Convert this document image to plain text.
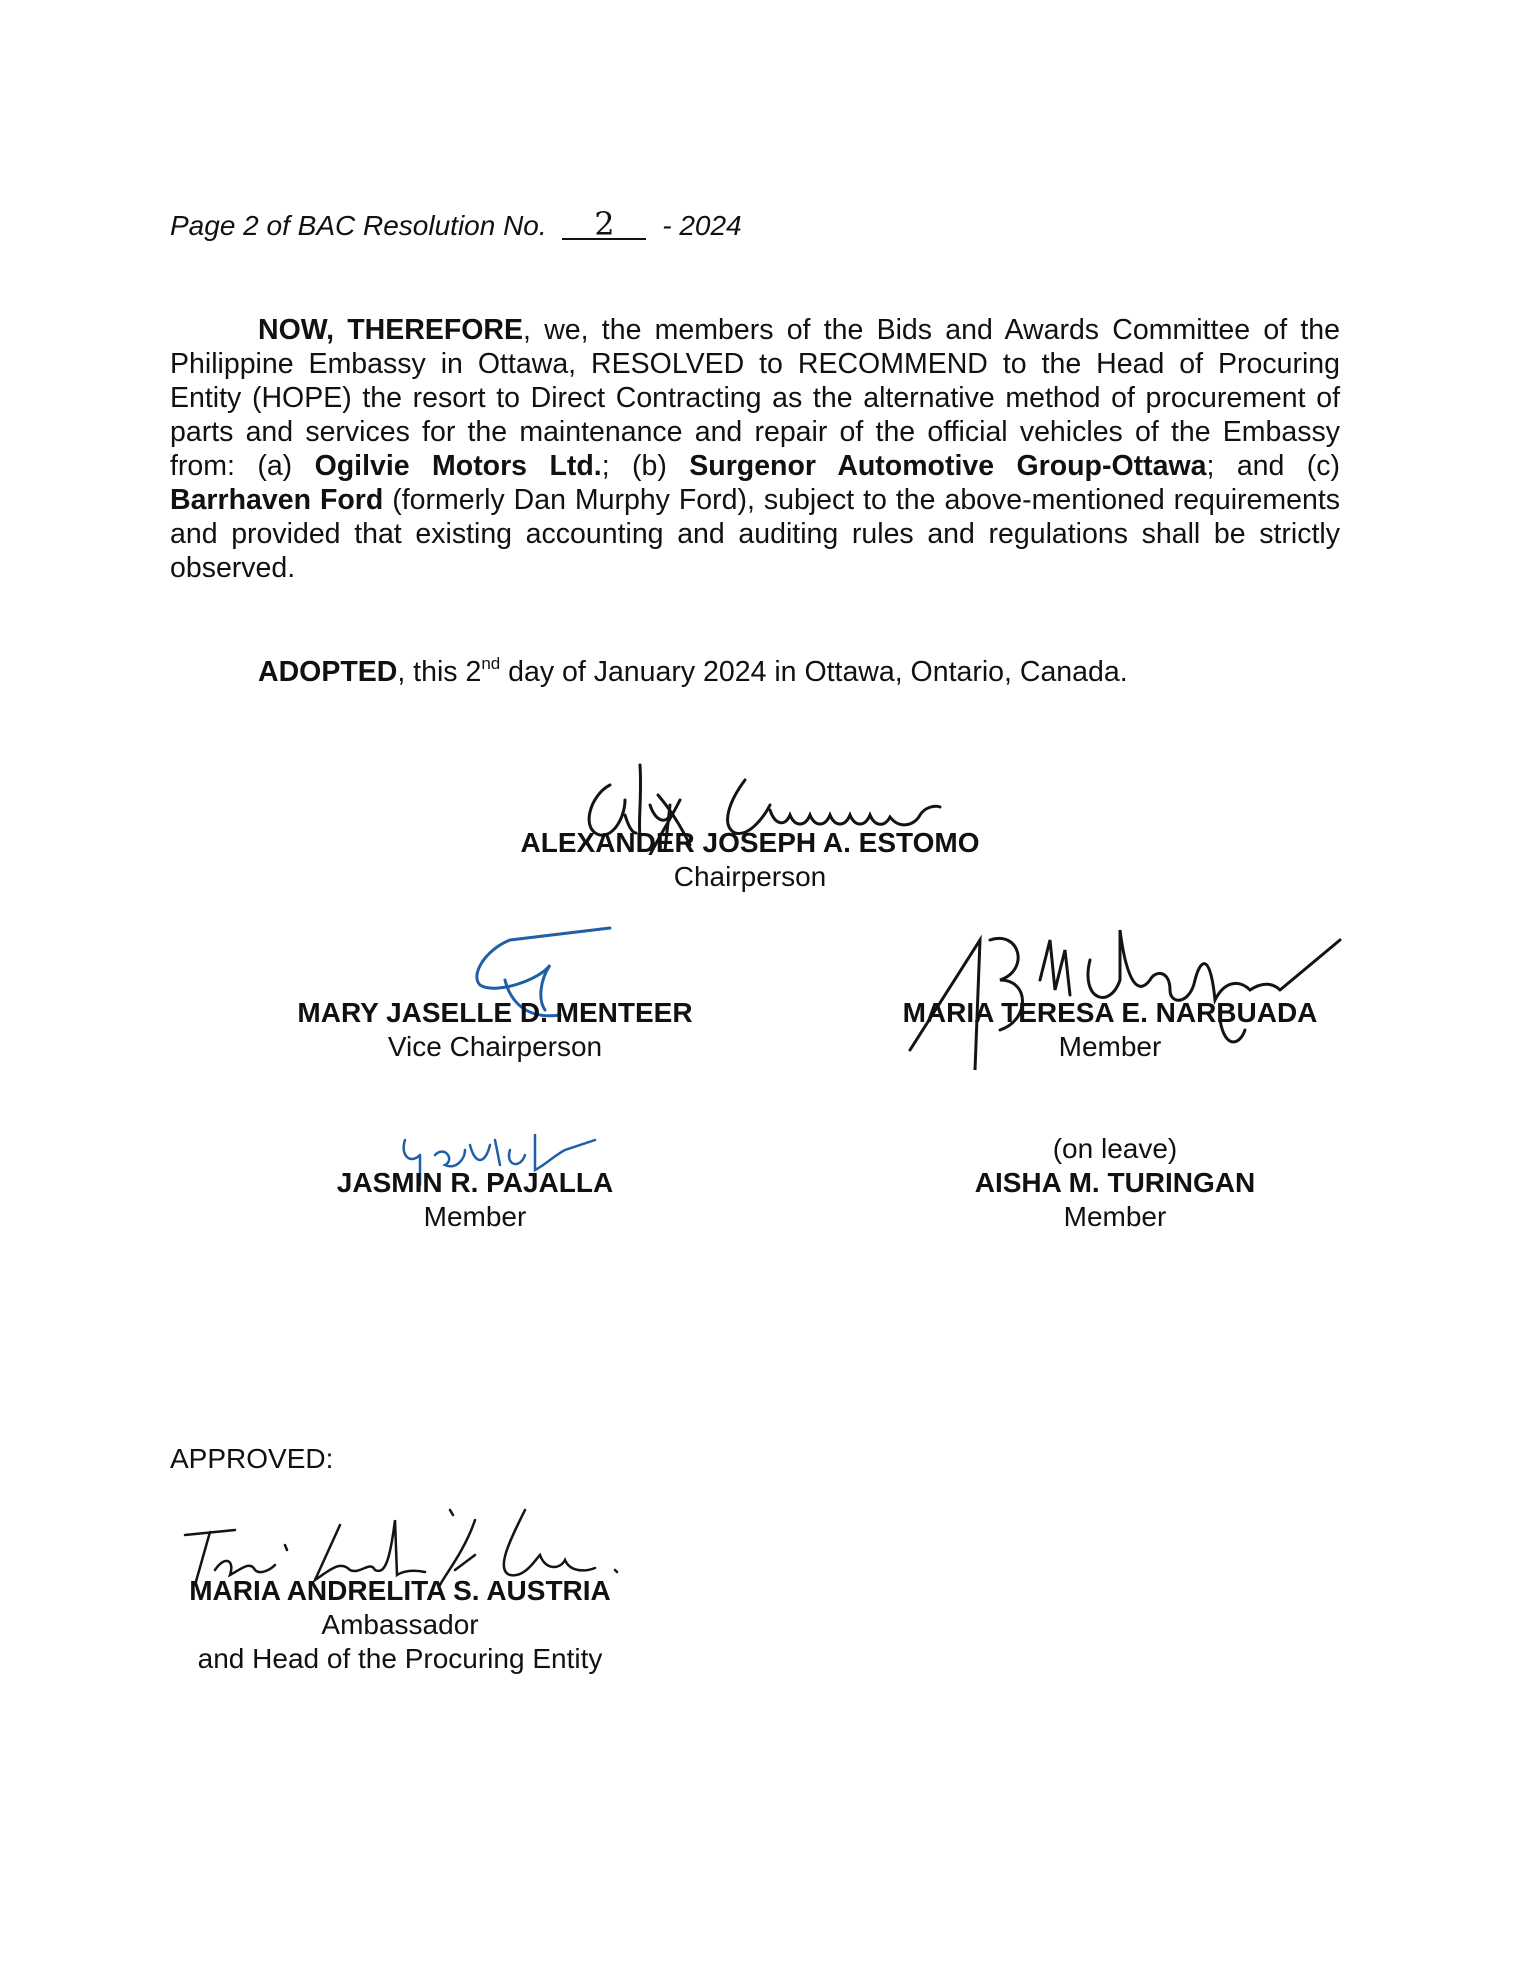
Page 2 of BAC Resolution No. 2 - 2024
NOW, THEREFORE, we, the members of the Bids and Awards Committee of the Philippine Embassy in Ottawa, RESOLVED to RECOMMEND to the Head of Procuring Entity (HOPE) the resort to Direct Contracting as the alternative method of procurement of parts and services for the maintenance and repair of the official vehicles of the Embassy from: (a) Ogilvie Motors Ltd.; (b) Surgenor Automotive Group-Ottawa; and (c) Barrhaven Ford (formerly Dan Murphy Ford), subject to the above-mentioned requirements and provided that existing accounting and auditing rules and regulations shall be strictly observed.
ADOPTED, this 2nd day of January 2024 in Ottawa, Ontario, Canada.
ALEXANDER JOSEPH A. ESTOMO
Chairperson
MARY JASELLE D. MENTEER
Vice Chairperson
MARIA TERESA E. NARBUADA
Member
JASMIN R. PAJALLA
Member
(on leave)
AISHA M. TURINGAN
Member
APPROVED:
MARIA ANDRELITA S. AUSTRIA
Ambassador
and Head of the Procuring Entity
